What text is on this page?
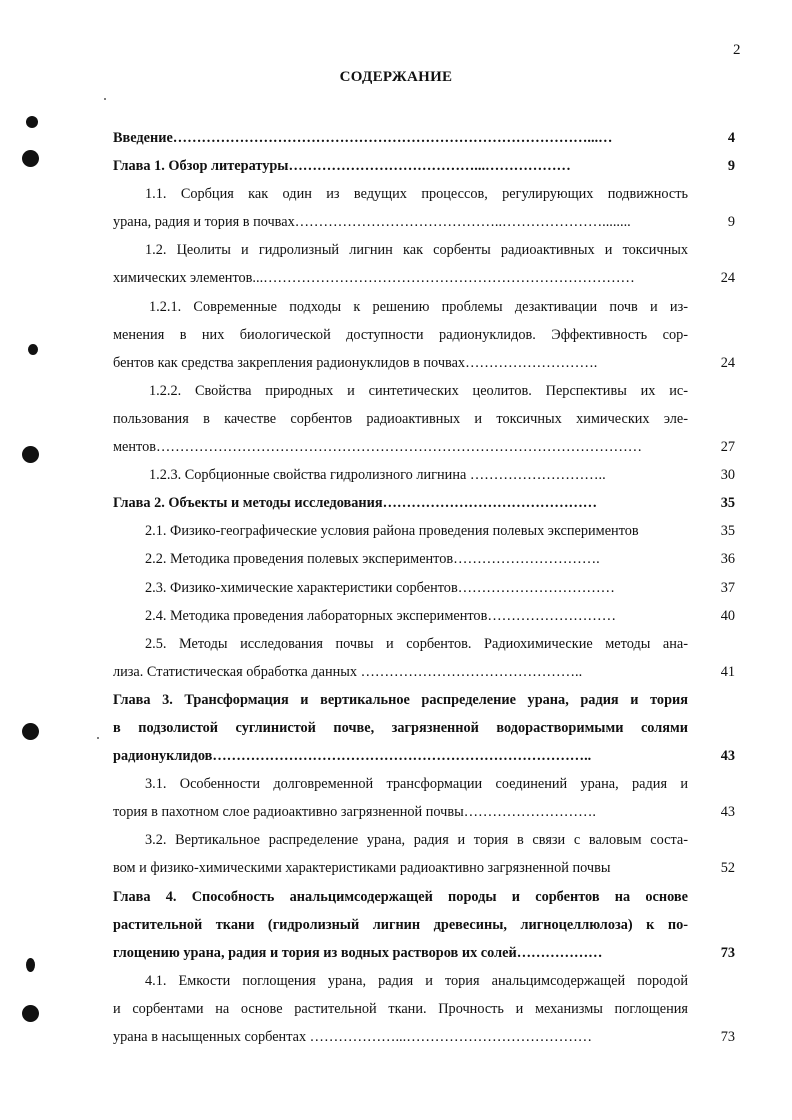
2
СОДЕРЖАНИЕ
Введение……………………………………………………………………………...…	4
Глава 1. Обзор литературы…………………………………...………………	9
1.1. Сорбция как один из ведущих процессов, регулирующих подвижность
урана, радия и тория в почвах……………………………………..…………………........	9
1.2. Цеолиты и гидролизный лигнин как сорбенты радиоактивных и токсичных
химических элементов...……………………………………………………………………	24
1.2.1. Современные подходы к решению проблемы дезактивации почв и из-
менения в них биологической доступности радионуклидов. Эффективность сор-
бентов как средства закрепления радионуклидов в почвах……………………….	24
1.2.2. Свойства природных и синтетических цеолитов. Перспективы их ис-
пользования в качестве сорбентов радиоактивных и токсичных химических эле-
ментов…………………………………………………………………………………………	27
1.2.3. Сорбционные свойства гидролизного лигнина ………………………..	30
Глава 2. Объекты и методы исследования………………………………………	35
2.1. Физико-географические условия района проведения полевых экспериментов	35
2.2. Методика проведения полевых экспериментов………………………….	36
2.3. Физико-химические характеристики сорбентов……………………………	37
2.4. Методика проведения лабораторных экспериментов………………………	40
2.5. Методы исследования почвы и сорбентов. Радиохимические методы ана-
лиза. Статистическая обработка данных ………………………………………..	41
Глава 3. Трансформация и вертикальное распределение урана, радия и тория
в подзолистой суглинистой почве, загрязненной водорастворимыми солями
радионуклидов……………………………………………………………………..	43
3.1. Особенности долговременной трансформации соединений урана, радия и
тория в пахотном слое радиоактивно загрязненной почвы……………………….	43
3.2. Вертикальное распределение урана, радия и тория в связи с валовым соста-
вом и физико-химическими характеристиками радиоактивно загрязненной почвы	52
Глава 4. Способность анальцимсодержащей породы и сорбентов на основе
растительной ткани (гидролизный лигнин древесины, лигноцеллюлоза) к по-
глощению урана, радия и тория из водных растворов их солей………………	73
4.1. Емкости поглощения урана, радия и тория анальцимсодержащей породой
и сорбентами на основе растительной ткани. Прочность и механизмы поглощения
урана в насыщенных сорбентах ………………...…………………………………	73
